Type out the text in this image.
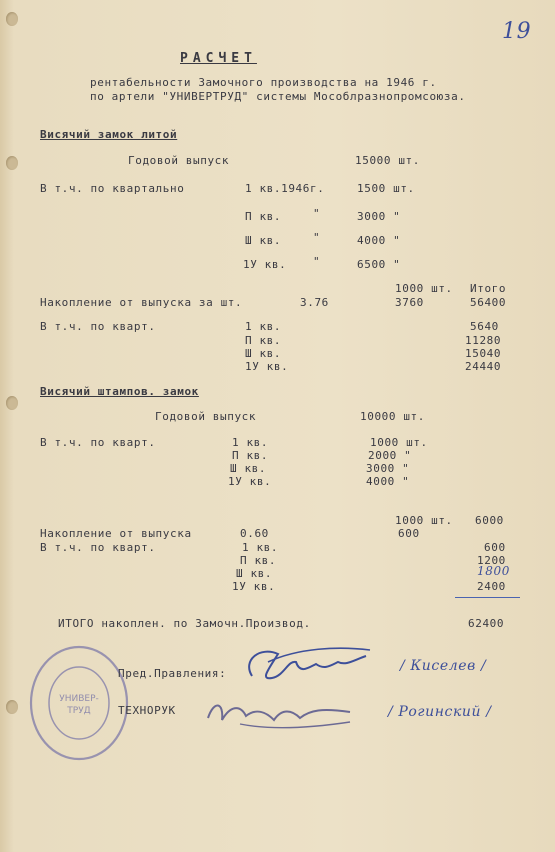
19
РАСЧЕТ
рентабельности Замочного производства на 1946 г.
по артели "УНИВЕРТРУД" системы Мособлразнопромсоюза.
Висячий замок литой
Годовой выпуск	15000 шт.
В т.ч. по квартально	1 кв.1946г.	1500 шт.
П кв.	"	3000 "
Ш кв.	"	4000 "
1У кв. "	6500 "
1000 шт. Итого
Накопление от выпуска за шт.	3.76	3760	56400
В т.ч. по кварт.	1 кв.	5640
П кв.	11280
Ш кв.	15040
1У кв.	24440
Висячий штампов. замок
Годовой выпуск	10000 шт.
В т.ч. по кварт.	1 кв.	1000 шт.
П кв.	2000 "
Ш кв.	3000 "
1У кв.	4000 "
1000 шт. 6000
Накопление от выпуска	0.60	600
В т.ч. по кварт.	1 кв.	600
П кв.	1200
Ш кв.	1800
1У кв.	2400
ИТОГО накоплен. по Замочн.Производ.	62400
УНИВЕР-
ТРУД
Пред.Правления:	/ Киселев /
ТЕХНОРУК	/ Рогинский /
